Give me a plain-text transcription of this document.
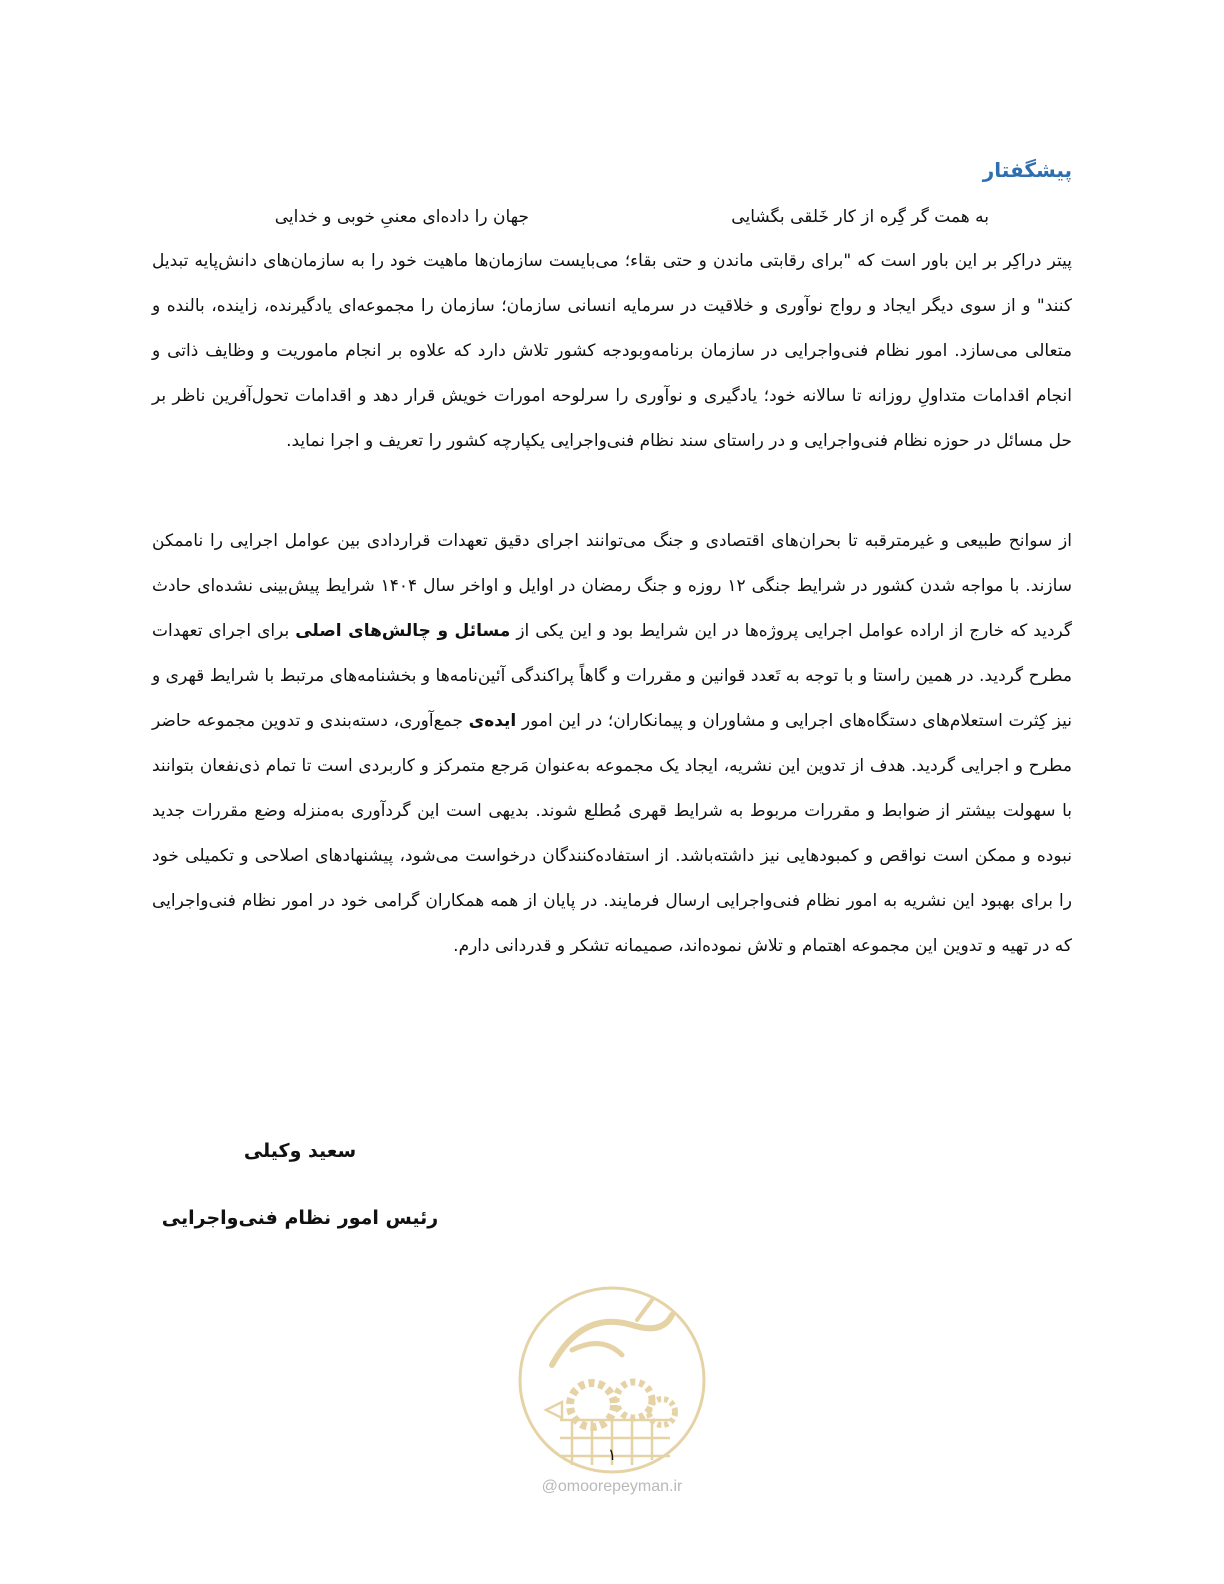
پیشگفتار
به همت گر گِره از کار خَلقی بگشایی
جهان را داده‌ای معنیِ خوبی و خدایی

پیتر دراکِر بر این باور است که "برای رقابتی ماندن و حتی بقاء؛ می‌بایست سازمان‌ها ماهیت خود را به سازمان‌های دانش‌پایه تبدیل کنند" و از سوی دیگر ایجاد و رواج نوآوری و خلاقیت در سرمایه انسانی سازمان؛ سازمان را مجموعه‌ای یادگیرنده، زاینده، بالنده و متعالی می‌سازد. امور نظام فنی‌واجرایی در سازمان برنامه‌وبودجه کشور تلاش دارد که علاوه بر انجام ماموریت و وظایف ذاتی و انجام اقدامات متداولِ روزانه تا سالانه خود؛ یادگیری و نوآوری را سرلوحه امورات خویش قرار دهد و اقدامات تحول‌آفرین ناظر بر حل مسائل در حوزه نظام فنی‌واجرایی و در راستای سند نظام فنی‌واجرایی یکپارچه کشور را تعریف و اجرا نماید.

از سوانح طبیعی و غیرمترقبه تا بحران‌های اقتصادی و جنگ می‌توانند اجرای دقیق تعهدات قراردادی بین عوامل اجرایی را ناممکن سازند. با مواجه شدن کشور در شرایط جنگی ۱۲ روزه و جنگ رمضان در اوایل و اواخر سال ۱۴۰۴ شرایط پیش‌بینی نشده‌ای حادث گردید که خارج از اراده عوامل اجرایی پروژه‌ها در این شرایط بود و این یکی از مسائل و چالش‌های اصلی برای اجرای تعهدات مطرح گردید. در همین راستا و با توجه به تَعدد قوانین و مقررات و گاهاً پراکندگی آئین‌نامه‌ها و بخشنامه‌های مرتبط با شرایط قهری و نیز کِثرت استعلام‌های دستگاه‌های اجرایی و مشاوران و پیمانکاران؛ در این امور ایده‌ی جمع‌آوری، دسته‌بندی و تدوین مجموعه حاضر مطرح و اجرایی گردید. هدف از تدوین این نشریه، ایجاد یک مجموعه به‌عنوان مَرجع متمرکز و کاربردی است تا تمام ذی‌نفعان بتوانند با سهولت بیشتر از ضوابط و مقررات مربوط به شرایط قهری مُطلع شوند. بدیهی است این گردآوری به‌منزله وضع مقررات جدید نبوده و ممکن است نواقص و کمبودهایی نیز داشته‌باشد. از استفاده‌کنندگان درخواست می‌شود، پیشنهادهای اصلاحی و تکمیلی خود را برای بهبود این نشریه به امور نظام فنی‌واجرایی ارسال فرمایند. در پایان از همه همکاران گرامی خود در امور نظام فنی‌واجرایی که در تهیه و تدوین این مجموعه اهتمام و تلاش نموده‌اند، صمیمانه تشکر و قدردانی دارم.

سعید وکیلی

رئیس امور نظام فنی‌واجرایی

۱
@omoorepeyman.ir
